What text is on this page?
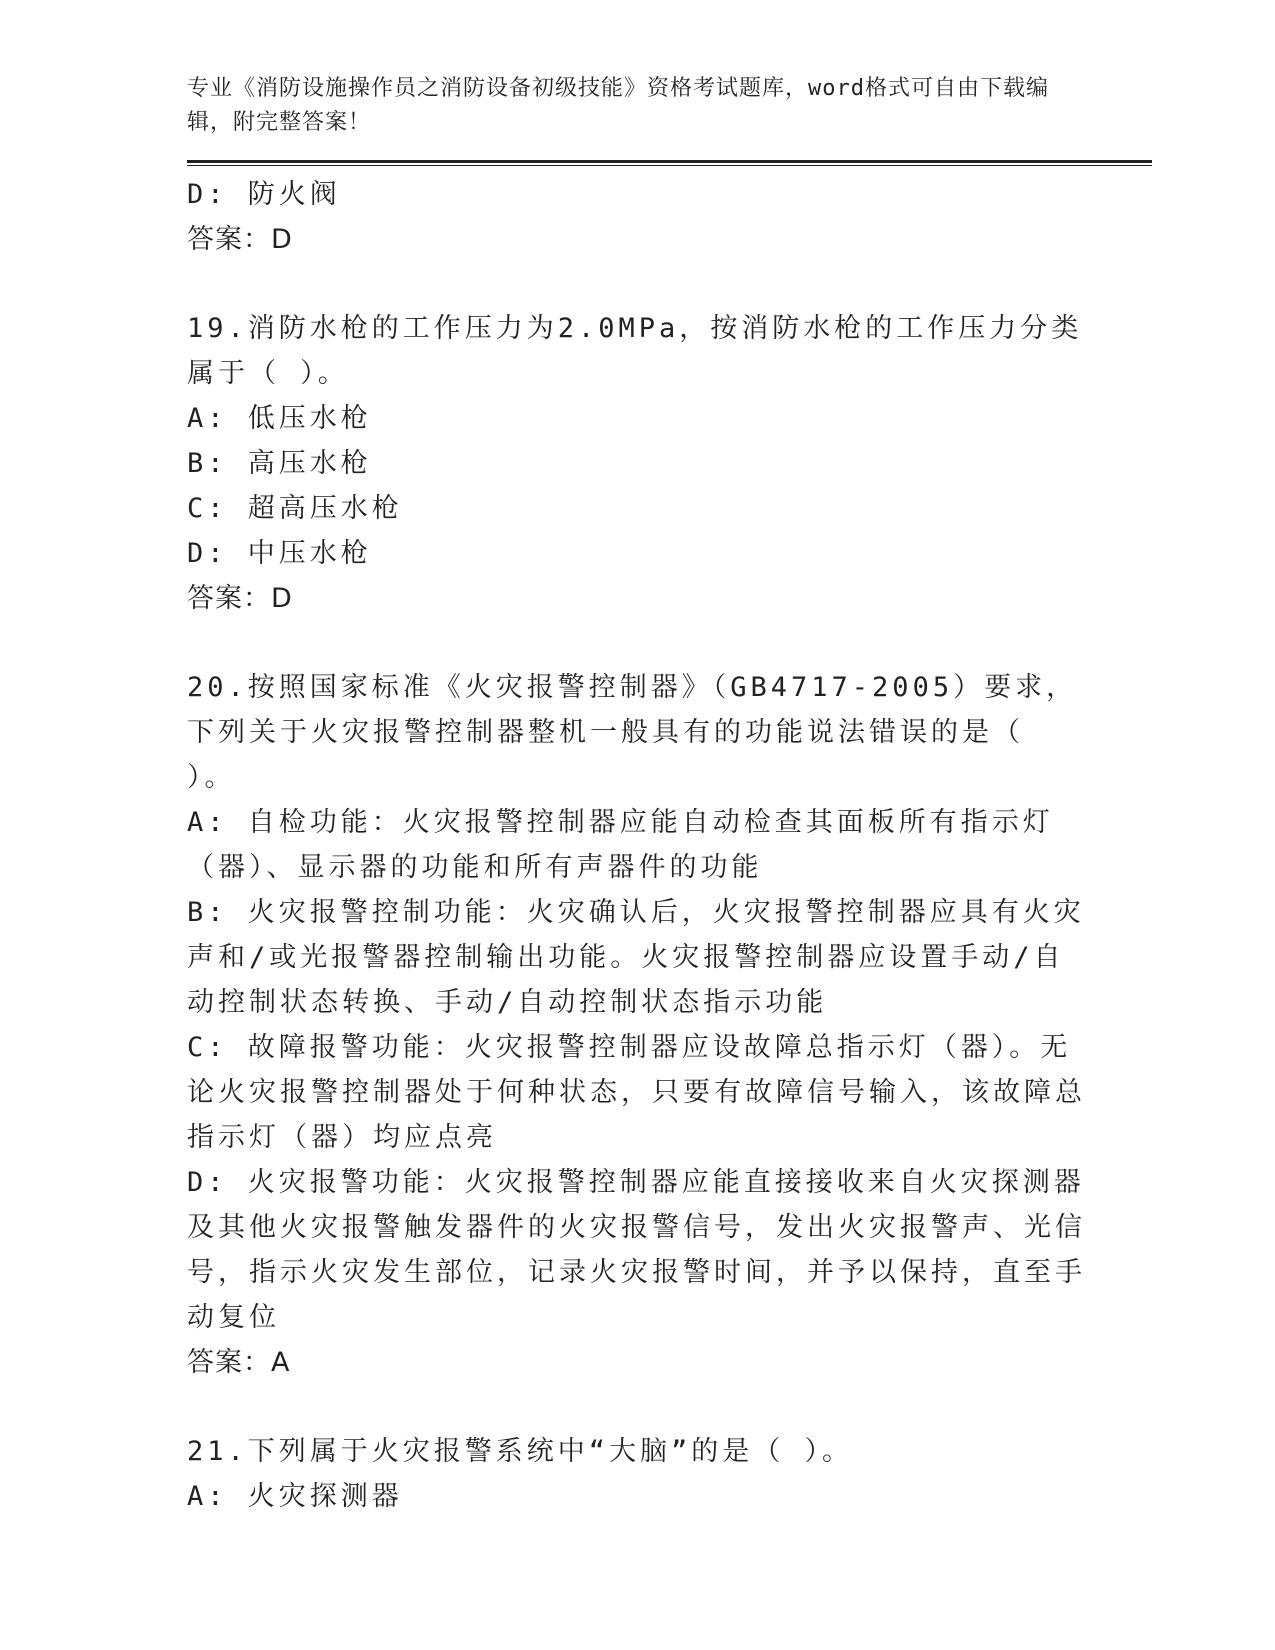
专业《消防设施操作员之消防设备初级技能》资格考试题库，word格式可自由下载编辑，附完整答案！
D: 防火阀
答案：D
19.消防水枪的工作压力为2.0MPa，按消防水枪的工作压力分类属于（ ）。
A: 低压水枪
B: 高压水枪
C: 超高压水枪
D: 中压水枪
答案：D
20.按照国家标准《火灾报警控制器》（GB4717-2005）要求，下列关于火灾报警控制器整机一般具有的功能说法错误的是（ ）。
A: 自检功能：火灾报警控制器应能自动检查其面板所有指示灯（器）、显示器的功能和所有声器件的功能
B: 火灾报警控制功能：火灾确认后，火灾报警控制器应具有火灾声和/或光报警器控制输出功能。火灾报警控制器应设置手动/自动控制状态转换、手动/自动控制状态指示功能
C: 故障报警功能：火灾报警控制器应设故障总指示灯（器）。无论火灾报警控制器处于何种状态，只要有故障信号输入，该故障总指示灯（器）均应点亮
D: 火灾报警功能：火灾报警控制器应能直接接收来自火灾探测器及其他火灾报警触发器件的火灾报警信号，发出火灾报警声、光信号，指示火灾发生部位，记录火灾报警时间，并予以保持，直至手动复位
答案：A
21.下列属于火灾报警系统中“大脑”的是（ ）。
A: 火灾探测器
